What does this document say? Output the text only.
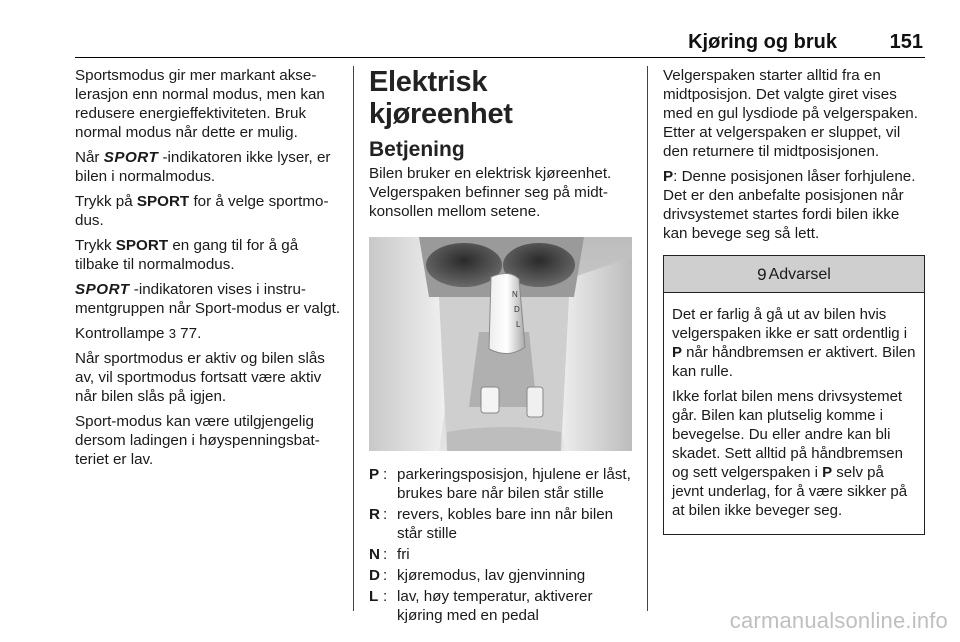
Kjøring og bruk	151

Sportsmodus gir mer markant akselerasjon enn normal modus, men kan redusere energieffektiviteten. Bruk normal modus når dette er mulig.

Når SPORT -indikatoren ikke lyser, er bilen i normalmodus.

Trykk på SPORT for å velge sportmodus.

Trykk SPORT en gang til for å gå tilbake til normalmodus.

SPORT -indikatoren vises i instrumentgruppen når Sport-modus er valgt.

Kontrollampe 3 77.

Når sportmodus er aktiv og bilen slås av, vil sportmodus fortsatt være aktiv når bilen slås på igjen.

Sport-modus kan være utilgjengelig dersom ladingen i høyspenningsbatteriet er lav.

Elektrisk kjøreenhet
Betjening

Bilen bruker en elektrisk kjøreenhet. Velgerspaken befinner seg på midtkonsollen mellom setene.

N
D
L
P : parkeringsposisjon, hjulene er låst, brukes bare når bilen står stille
R : revers, kobles bare inn når bilen står stille
N : fri
D : kjøremodus, lav gjenvinning
L : lav, høy temperatur, aktiverer kjøring med en pedal

Velgerspaken starter alltid fra en midtposisjon. Det valgte giret vises med en gul lysdiode på velgerspaken. Etter at velgerspaken er sluppet, vil den returnere til midtposisjonen.

P: Denne posisjonen låser forhjulene. Det er den anbefalte posisjonen når drivsystemet startes fordi bilen ikke kan bevege seg så lett.

9 Advarsel

Det er farlig å gå ut av bilen hvis velgerspaken ikke er satt ordentlig i P når håndbremsen er aktivert. Bilen kan rulle.

Ikke forlat bilen mens drivsystemet går. Bilen kan plutselig komme i bevegelse. Du eller andre kan bli skadet. Sett alltid på håndbremsen og sett velgerspaken i P selv på jevnt underlag, for å være sikker på at bilen ikke beveger seg.

carmanualsonline.info
